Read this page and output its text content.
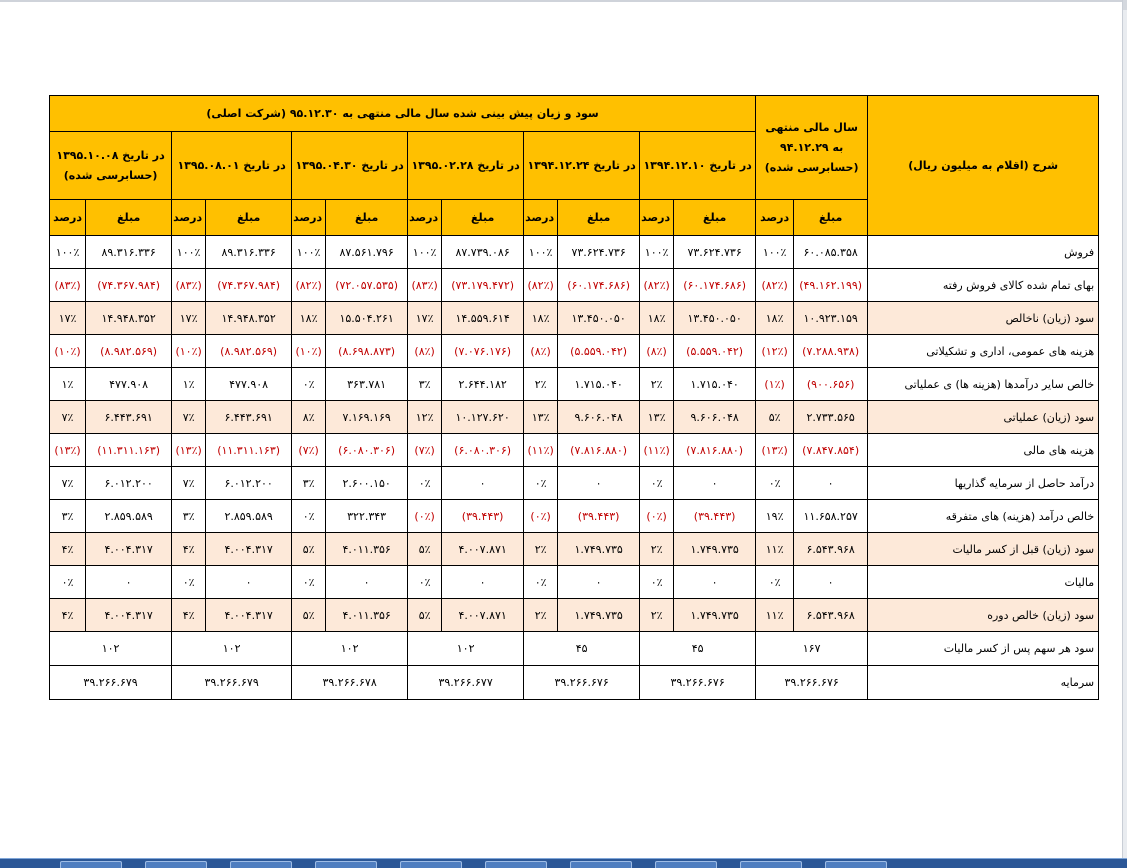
شرح (اقلام به میلیون ریال)	سال مالی منتهی به ۹۴.۱۲.۲۹ (حسابرسی شده)		سود و زیان پیش بینی شده سال مالی منتهی به ۹۵.۱۲.۳۰ (شرکت اصلی)											
			در تاریخ ۱۳۹۴.۱۲.۱۰		در تاریخ ۱۳۹۴.۱۲.۲۴		در تاریخ ۱۳۹۵.۰۲.۲۸		در تاریخ ۱۳۹۵.۰۴.۳۰		در تاریخ ۱۳۹۵.۰۸.۰۱		در تاریخ ۱۳۹۵.۱۰.۰۸ (حسابرسی شده)	
	مبلغ	درصد	مبلغ	درصد	مبلغ	درصد	مبلغ	درصد	مبلغ	درصد	مبلغ	درصد	مبلغ	درصد
فروش	۶۰.۰۸۵.۳۵۸	۱۰۰٪	۷۳.۶۲۴.۷۳۶	۱۰۰٪	۷۳.۶۲۴.۷۳۶	۱۰۰٪	۸۷.۷۳۹.۰۸۶	۱۰۰٪	۸۷.۵۶۱.۷۹۶	۱۰۰٪	۸۹.۳۱۶.۳۳۶	۱۰۰٪	۸۹.۳۱۶.۳۳۶	۱۰۰٪
بهای تمام شده کالای فروش رفته	(۴۹.۱۶۲.۱۹۹)	(۸۲٪)	(۶۰.۱۷۴.۶۸۶)	(۸۲٪)	(۶۰.۱۷۴.۶۸۶)	(۸۲٪)	(۷۳.۱۷۹.۴۷۲)	(۸۳٪)	(۷۲.۰۵۷.۵۳۵)	(۸۲٪)	(۷۴.۳۶۷.۹۸۴)	(۸۳٪)	(۷۴.۳۶۷.۹۸۴)	(۸۳٪)
سود (زیان) ناخالص	۱۰.۹۲۳.۱۵۹	۱۸٪	۱۳.۴۵۰.۰۵۰	۱۸٪	۱۳.۴۵۰.۰۵۰	۱۸٪	۱۴.۵۵۹.۶۱۴	۱۷٪	۱۵.۵۰۴.۲۶۱	۱۸٪	۱۴.۹۴۸.۳۵۲	۱۷٪	۱۴.۹۴۸.۳۵۲	۱۷٪
هزینه های عمومی، اداری و تشکیلاتی	(۷.۲۸۸.۹۳۸)	(۱۲٪)	(۵.۵۵۹.۰۴۲)	(۸٪)	(۵.۵۵۹.۰۴۲)	(۸٪)	(۷.۰۷۶.۱۷۶)	(۸٪)	(۸.۶۹۸.۸۷۳)	(۱۰٪)	(۸.۹۸۲.۵۶۹)	(۱۰٪)	(۸.۹۸۲.۵۶۹)	(۱۰٪)
خالص سایر درآمدها (هزینه ها) ی عملیاتی	(۹۰۰.۶۵۶)	(۱٪)	۱.۷۱۵.۰۴۰	۲٪	۱.۷۱۵.۰۴۰	۲٪	۲.۶۴۴.۱۸۲	۳٪	۳۶۳.۷۸۱	۰٪	۴۷۷.۹۰۸	۱٪	۴۷۷.۹۰۸	۱٪
سود (زیان) عملیاتی	۲.۷۳۳.۵۶۵	۵٪	۹.۶۰۶.۰۴۸	۱۳٪	۹.۶۰۶.۰۴۸	۱۳٪	۱۰.۱۲۷.۶۲۰	۱۲٪	۷.۱۶۹.۱۶۹	۸٪	۶.۴۴۳.۶۹۱	۷٪	۶.۴۴۳.۶۹۱	۷٪
هزینه های مالی	(۷.۸۴۷.۸۵۴)	(۱۳٪)	(۷.۸۱۶.۸۸۰)	(۱۱٪)	(۷.۸۱۶.۸۸۰)	(۱۱٪)	(۶.۰۸۰.۳۰۶)	(۷٪)	(۶.۰۸۰.۳۰۶)	(۷٪)	(۱۱.۳۱۱.۱۶۳)	(۱۳٪)	(۱۱.۳۱۱.۱۶۳)	(۱۳٪)
درآمد حاصل از سرمایه گذاریها	۰	۰٪	۰	۰٪	۰	۰٪	۰	۰٪	۲.۶۰۰.۱۵۰	۳٪	۶.۰۱۲.۲۰۰	۷٪	۶.۰۱۲.۲۰۰	۷٪
خالص درآمد (هزینه) های متفرقه	۱۱.۶۵۸.۲۵۷	۱۹٪	(۳۹.۴۴۳)	(۰٪)	(۳۹.۴۴۳)	(۰٪)	(۳۹.۴۴۳)	(۰٪)	۳۲۲.۳۴۳	۰٪	۲.۸۵۹.۵۸۹	۳٪	۲.۸۵۹.۵۸۹	۳٪
سود (زیان) قبل از کسر مالیات	۶.۵۴۳.۹۶۸	۱۱٪	۱.۷۴۹.۷۳۵	۲٪	۱.۷۴۹.۷۳۵	۲٪	۴.۰۰۷.۸۷۱	۵٪	۴.۰۱۱.۳۵۶	۵٪	۴.۰۰۴.۳۱۷	۴٪	۴.۰۰۴.۳۱۷	۴٪
مالیات	۰	۰٪	۰	۰٪	۰	۰٪	۰	۰٪	۰	۰٪	۰	۰٪	۰	۰٪
سود (زیان) خالص دوره	۶.۵۴۳.۹۶۸	۱۱٪	۱.۷۴۹.۷۳۵	۲٪	۱.۷۴۹.۷۳۵	۲٪	۴.۰۰۷.۸۷۱	۵٪	۴.۰۱۱.۳۵۶	۵٪	۴.۰۰۴.۳۱۷	۴٪	۴.۰۰۴.۳۱۷	۴٪
سود هر سهم پس از کسر مالیات	۱۶۷		۴۵		۴۵		۱۰۲		۱۰۲		۱۰۲		۱۰۲	
سرمایه	۳۹.۲۶۶.۶۷۶		۳۹.۲۶۶.۶۷۶		۳۹.۲۶۶.۶۷۶		۳۹.۲۶۶.۶۷۷		۳۹.۲۶۶.۶۷۸		۳۹.۲۶۶.۶۷۹		۳۹.۲۶۶.۶۷۹	
